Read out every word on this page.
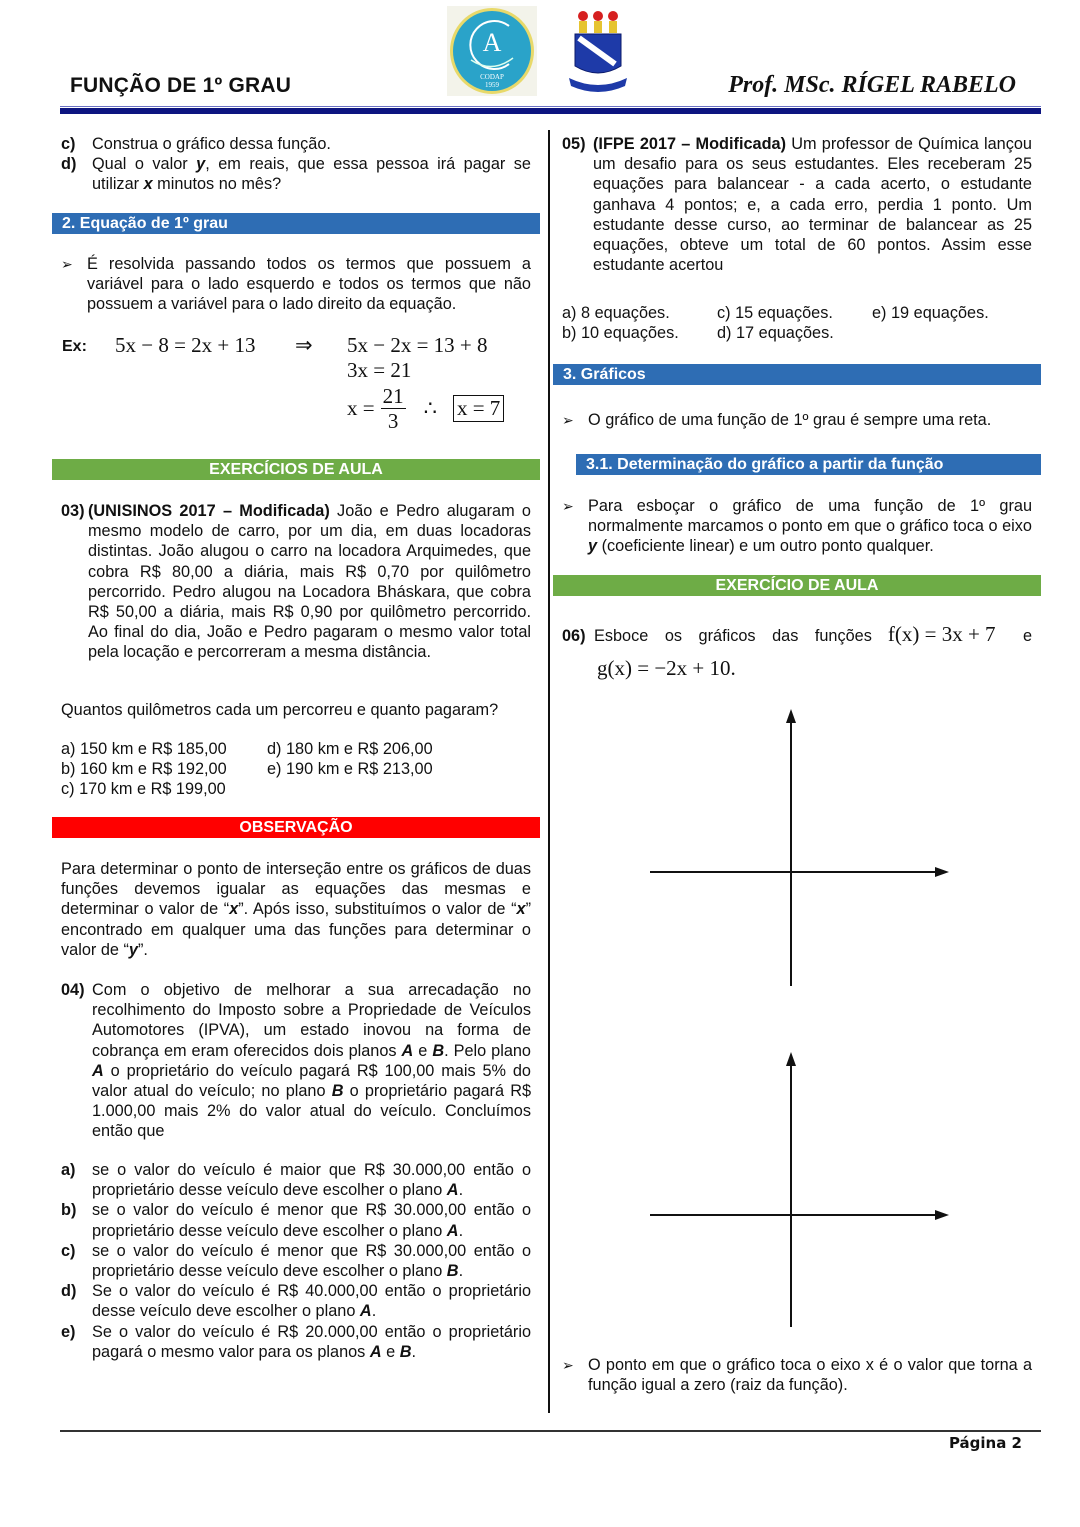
FUNÇÃO DE 1º GRAU
A
CODAP
1959	Prof. MSc. RÍGEL RABELO
c)	Construa o gráfico dessa função.
d) Qual o valor y, em reais, que essa pessoa irá pagar se utilizar x minutos no mês?
2. Equação de 1º grau
➢ É resolvida passando todos os termos que possuem a variável para o lado esquerdo e todos os termos que não possuem a variável para o lado direito da equação.
Ex: 5x − 8 = 2x + 13 ⇒ 5x − 2x = 13 + 8
3x = 21
$x = \frac{21}{3}$ ∴ x = 7
EXERCÍCIOS DE AULA
03) (UNISINOS 2017 – Modificada) João e Pedro alugaram o mesmo modelo de carro, por um dia, em duas locadoras distintas. João alugou o carro na locadora Arquimedes, que cobra R$ 80,00 a diária, mais R$ 0,70 por quilômetro percorrido. Pedro alugou na Locadora Bháskara, que cobra R$ 50,00 a diária, mais R$ 0,90 por quilômetro percorrido. Ao final do dia, João e Pedro pagaram o mesmo valor total pela locação e percorreram a mesma distância.
Quantos quilômetros cada um percorreu e quanto pagaram?
a) 150 km e R$ 185,00	d) 180 km e R$ 206,00
b) 160 km e R$ 192,00	e) 190 km e R$ 213,00
c) 170 km e R$ 199,00
OBSERVAÇÃO
Para determinar o ponto de interseção entre os gráficos de duas funções devemos igualar as equações das mesmas e determinar o valor de “x”. Após isso, substituímos o valor de “x” encontrado em qualquer uma das funções para determinar o valor de “y”.
04) Com o objetivo de melhorar a sua arrecadação no recolhimento do Imposto sobre a Propriedade de Veículos Automotores (IPVA), um estado inovou na forma de cobrança em eram oferecidos dois planos A e B. Pelo plano A o proprietário do veículo pagará R$ 100,00 mais 5% do valor atual do veículo; no plano B o proprietário pagará R$ 1.000,00 mais 2% do valor atual do veículo. Concluímos então que
a)	se o valor do veículo é maior que R$ 30.000,00 então o proprietário desse veículo deve escolher o plano A.
b) se o valor do veículo é menor que R$ 30.000,00 então o proprietário desse veículo deve escolher o plano A.
c)	se o valor do veículo é menor que R$ 30.000,00 então o proprietário desse veículo deve escolher o plano B.
d) Se o valor do veículo é R$ 40.000,00 então o proprietário desse veículo deve escolher o plano A.
e)	Se o valor do veículo é R$ 20.000,00 então o proprietário pagará o mesmo valor para os planos A e B.
05) (IFPE 2017 – Modificada) Um professor de Química lançou um desafio para os seus estudantes. Eles receberam 25 equações para balancear - a cada acerto, o estudante ganhava 4 pontos; e, a cada erro, perdia 1 ponto. Um estudante desse curso, ao terminar de balancear as 25 equações, obteve um total de 60 pontos. Assim esse estudante acertou
a) 8 equações.	c) 15 equações.	e) 19 equações.
b) 10 equações.	d) 17 equações.
3. Gráficos
➢ O gráfico de uma função de 1º grau é sempre uma reta.
3.1. Determinação do gráfico a partir da função
➢ Para esboçar o gráfico de uma função de 1º grau normalmente marcamos o ponto em que o gráfico toca o eixo y (coeficiente linear) e um outro ponto qualquer.
EXERCÍCIO DE AULA
06) Esboce os gráficos das funções f(x) = 3x + 7 e
g(x) = −2x + 10.
➢ O ponto em que o gráfico toca o eixo x é o valor que torna a função igual a zero (raiz da função).
Página 2
